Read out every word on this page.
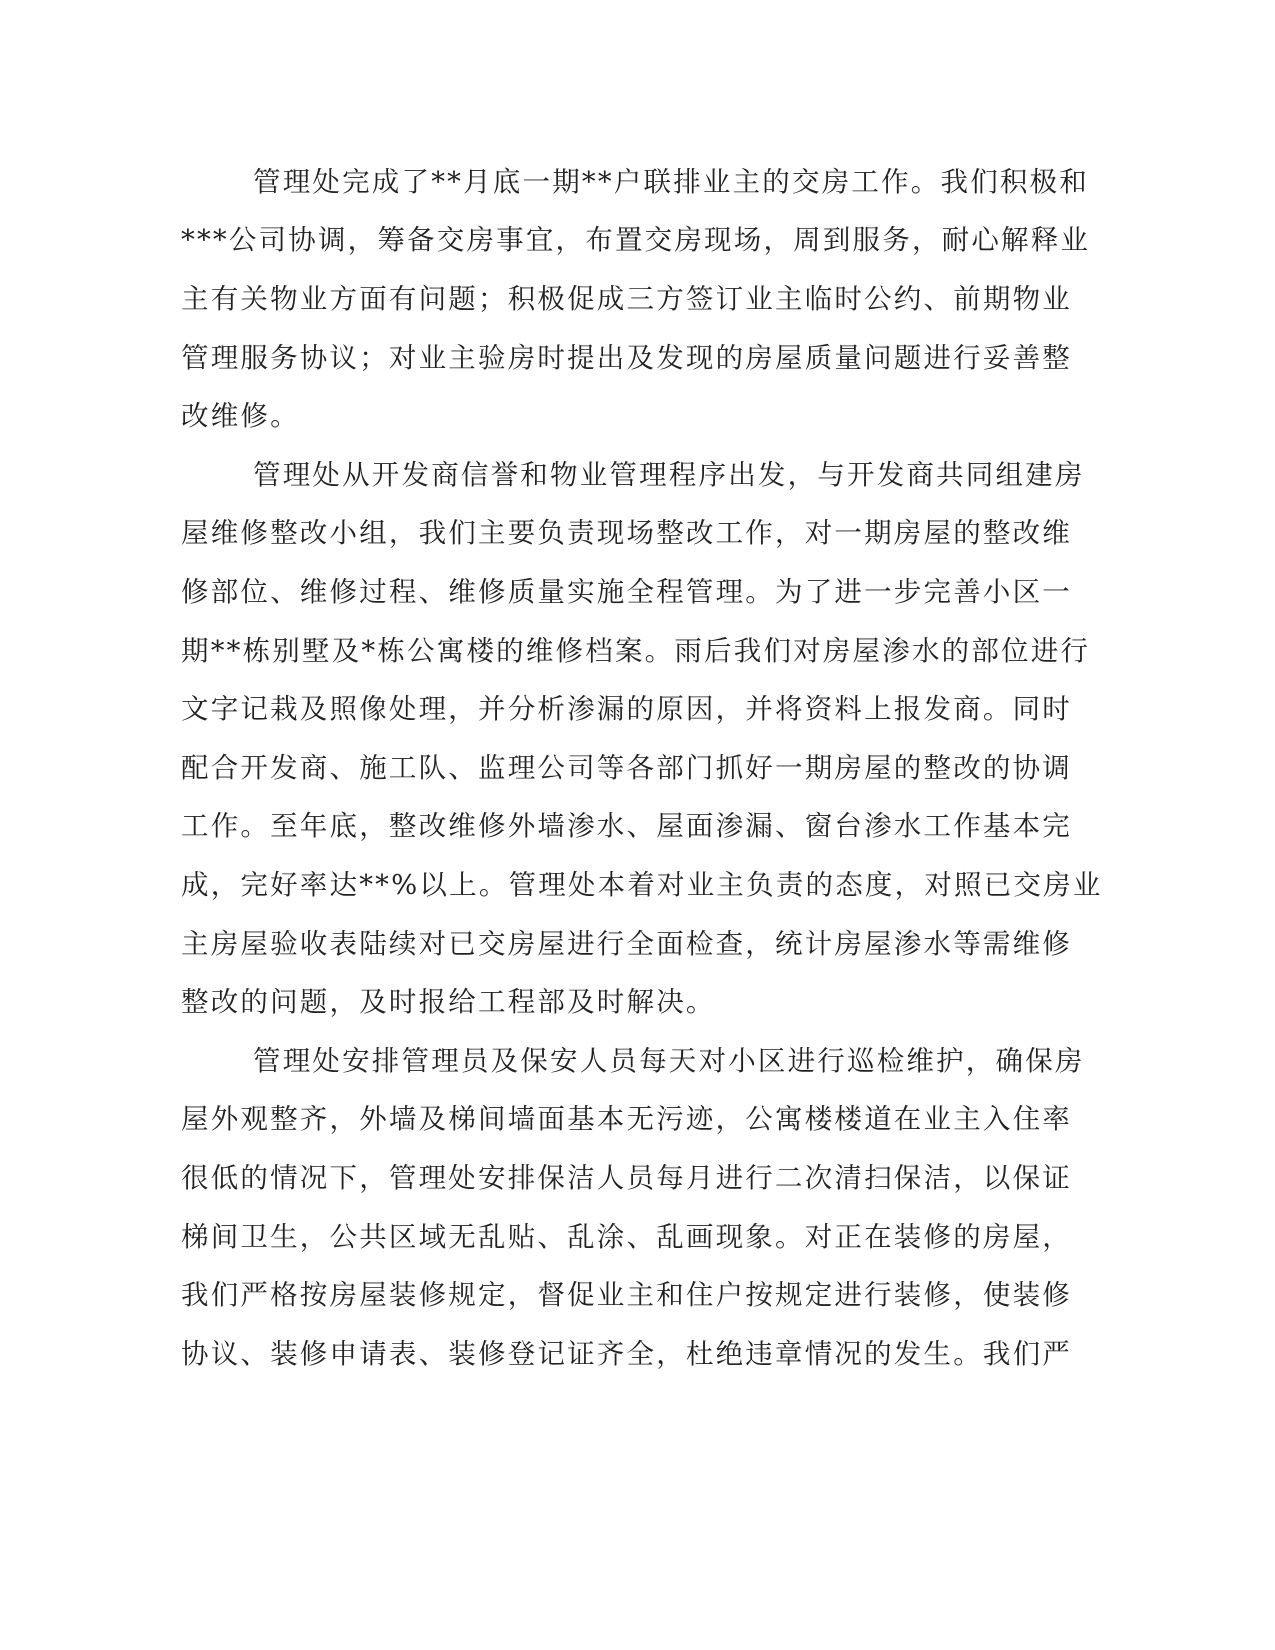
管理处完成了**月底一期**户联排业主的交房工作。我们积极和
***公司协调，筹备交房事宜，布置交房现场，周到服务，耐心解释业
主有关物业方面有问题；积极促成三方签订业主临时公约、前期物业
管理服务协议；对业主验房时提出及发现的房屋质量问题进行妥善整
改维修。
管理处从开发商信誉和物业管理程序出发，与开发商共同组建房
屋维修整改小组，我们主要负责现场整改工作，对一期房屋的整改维
修部位、维修过程、维修质量实施全程管理。为了进一步完善小区一
期**栋别墅及*栋公寓楼的维修档案。雨后我们对房屋渗水的部位进行
文字记栽及照像处理，并分析渗漏的原因，并将资料上报发商。同时
配合开发商、施工队、监理公司等各部门抓好一期房屋的整改的协调
工作。至年底，整改维修外墙渗水、屋面渗漏、窗台渗水工作基本完
成，完好率达**%以上。管理处本着对业主负责的态度，对照已交房业
主房屋验收表陆续对已交房屋进行全面检查，统计房屋渗水等需维修
整改的问题，及时报给工程部及时解决。
管理处安排管理员及保安人员每天对小区进行巡检维护，确保房
屋外观整齐，外墙及梯间墙面基本无污迹，公寓楼楼道在业主入住率
很低的情况下，管理处安排保洁人员每月进行二次清扫保洁，以保证
梯间卫生，公共区域无乱贴、乱涂、乱画现象。对正在装修的房屋，
我们严格按房屋装修规定，督促业主和住户按规定进行装修，使装修
协议、装修申请表、装修登记证齐全，杜绝违章情况的发生。我们严
